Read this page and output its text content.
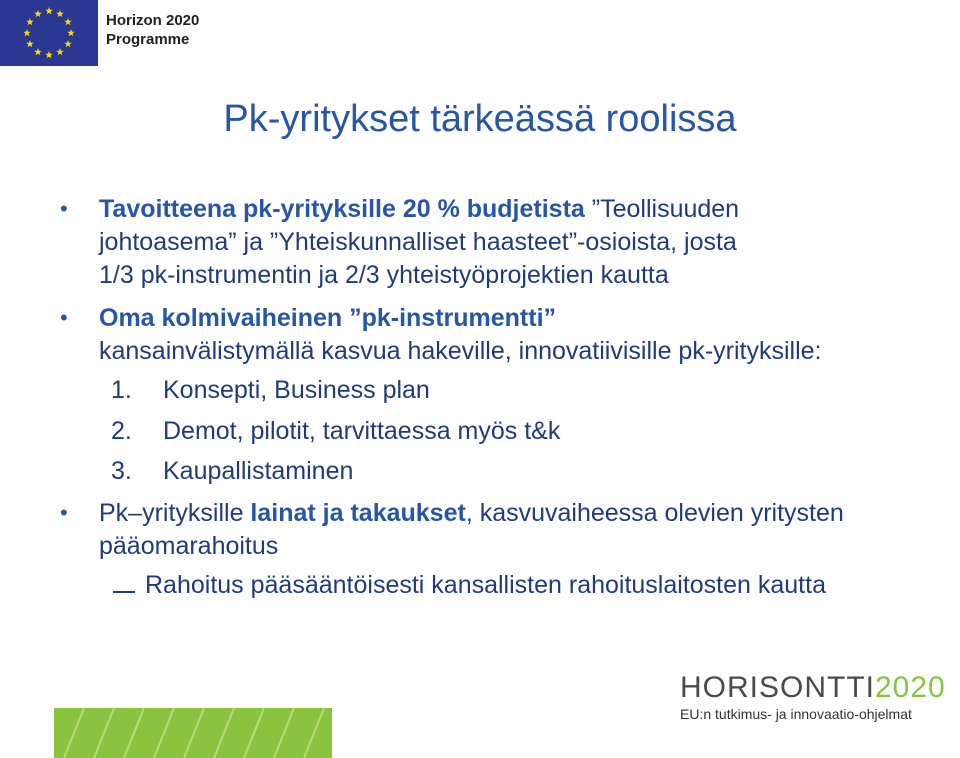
Horizon 2020
Programme
Pk-yritykset tärkeässä roolissa
• Tavoitteena pk-yrityksille 20 % budjetista ”Teollisuuden
johtoasema” ja ”Yhteiskunnalliset haasteet”-osioista, josta
1/3 pk-instrumentin ja 2/3 yhteistyöprojektien kautta
• Oma kolmivaiheinen ”pk-instrumentti”
kansainvälistymällä kasvua hakeville, innovatiivisille pk-yrityksille:
1. Konsepti, Business plan
2. Demot, pilotit, tarvittaessa myös t&k
3. Kaupallistaminen
• Pk–yrityksille lainat ja takaukset, kasvuvaiheessa olevien yritysten
pääomarahoitus
Rahoitus pääsääntöisesti kansallisten rahoituslaitosten kautta
HORISONTTI2020
EU:n tutkimus- ja innovaatio-ohjelmat
